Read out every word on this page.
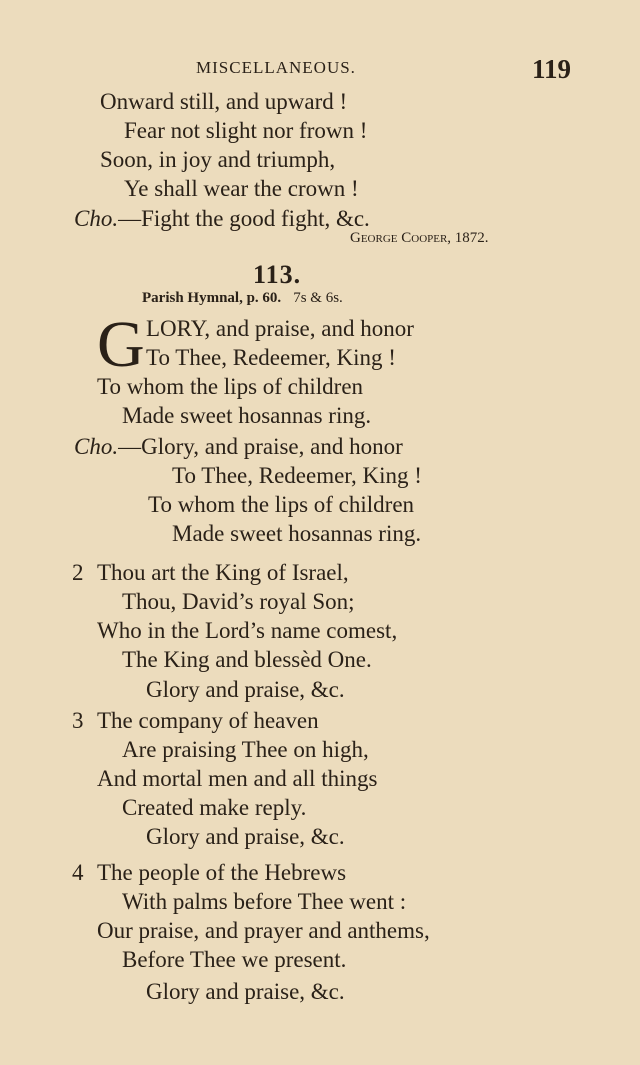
MISCELLANEOUS.	119
Onward still, and upward !
Fear not slight nor frown !
Soon, in joy and triumph,
Ye shall wear the crown !
Cho.—Fight the good fight, &c.
George Cooper, 1872.
113.
Parish Hymnal, p. 60. 7s & 6s.
G LORY, and praise, and honor
To Thee, Redeemer, King !
To whom the lips of children
Made sweet hosannas ring.
Cho.—Glory, and praise, and honor
To Thee, Redeemer, King !
To whom the lips of children
Made sweet hosannas ring.
2 Thou art the King of Israel,
Thou, David’s royal Son;
Who in the Lord’s name comest,
The King and blessèd One.
Glory and praise, &c.
3 The company of heaven
Are praising Thee on high,
And mortal men and all things
Created make reply.
Glory and praise, &c.
4 The people of the Hebrews
With palms before Thee went :
Our praise, and prayer and anthems,
Before Thee we present.
Glory and praise, &c.
